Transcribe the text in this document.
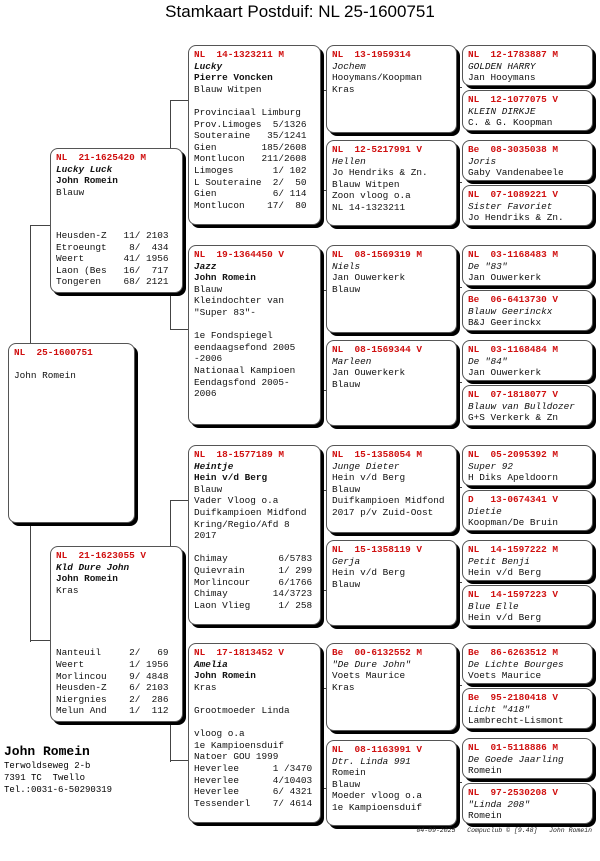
Stamkaart Postduif: NL 25-1600751
NL  25-1600751
John Romein
NL  21-1625420 M
Lucky Luck
John Romein
Blauw
Heusden-Z   11/ 2103
Etroeungt    8/  434
Weert       41/ 1956
Laon (Bes   16/  717
Tongeren    68/ 2121
NL  21-1623055 V
Kld Dure John
John Romein
Kras
Nanteuil     2/   69
Weert        1/ 1956
Morlincou    9/ 4848
Heusden-Z    6/ 2103
Niergnies    2/  286
Melun And    1/  112
NL  14-1323211 M
Lucky
Pierre Voncken
Blauw Witpen
Provinciaal Limburg
Prov.Limoges  5/1326
Souteraine   35/1241
Gien        185/2608
Montlucon   211/2608
Limoges       1/ 102
L Souteraine  2/  50
Gien          6/ 114
Montlucon    17/  80
NL  19-1364450 V
Jazz
John Romein
Blauw
Kleindochter van
"Super 83"-
1e Fondspiegel
eendaagsefond 2005
-2006
Nationaal Kampioen
Eendagsfond 2005-
2006
NL  18-1577189 M
Heintje
Hein v/d Berg
Blauw
Vader Vloog o.a
Duifkampioen Midfond
Kring/Regio/Afd 8
2017
Chimay         6/5783
Quievrain      1/ 299
Morlincour     6/1766
Chimay        14/3723
Laon Vlieg     1/ 258
NL  17-1813452 V
Amelia
John Romein
Kras
Grootmoeder Linda
vloog o.a
1e Kampioensduif
Natoer GOU 1999
Heverlee      1 /3470
Heverlee      4/10403
Heverlee      6/ 4321
Tessenderl    7/ 4614
NL  13-1959314
Jochem
Hooymans/Koopman
Kras
NL  12-5217991 V
Hellen
Jo Hendriks & Zn.
Blauw Witpen
Zoon vloog o.a
NL 14-1323211
NL  08-1569319 M
Niels
Jan Ouwerkerk
Blauw
NL  08-1569344 V
Marleen
Jan Ouwerkerk
Blauw
NL  15-1358054 M
Junge Dieter
Hein v/d Berg
Blauw
Duifkampioen Midfond
2017 p/v Zuid-Oost
NL  15-1358119 V
Gerja
Hein v/d Berg
Blauw
Be  00-6132552 M
"De Dure John"
Voets Maurice
Kras
NL  08-1163991 V
Dtr. Linda 991
Romein
Blauw
Moeder vloog o.a
1e Kampioensduif
NL  12-1783887 M
GOLDEN HARRY
Jan Hooymans
NL  12-1077075 V
KLEIN DIRKJE
C. & G. Koopman
Be  08-3035038 M
Joris
Gaby Vandenabeele
NL  07-1089221 V
Sister Favoriet
Jo Hendriks & Zn.
NL  03-1168483 M
De "83"
Jan Ouwerkerk
Be  06-6413730 V
Blauw Geerinckx
B&J Geerinckx
NL  03-1168484 M
De "84"
Jan Ouwerkerk
NL  07-1818077 V
Blauw van Bulldozer
G+S Verkerk & Zn
NL  05-2095392 M
Super 92
H Diks Apeldoorn
D   13-0674341 V
Dietie
Koopman/De Bruin
NL  14-1597222 M
Petit Benji
Hein v/d Berg
NL  14-1597223 V
Blue Elle
Hein v/d Berg
Be  86-6263512 M
De Lichte Bourges
Voets Maurice
Be  95-2180418 V
Licht "418"
Lambrecht-Lismont
NL  01-5118886 M
De Goede Jaarling
Romein
NL  97-2530208 V
"Linda 208"
Romein
John Romein
Terwoldseweg 2-b
7391 TC  Twello
Tel.:0031-6-50290319
04-09-2025   Compuclub © [9.48]   John Romein
